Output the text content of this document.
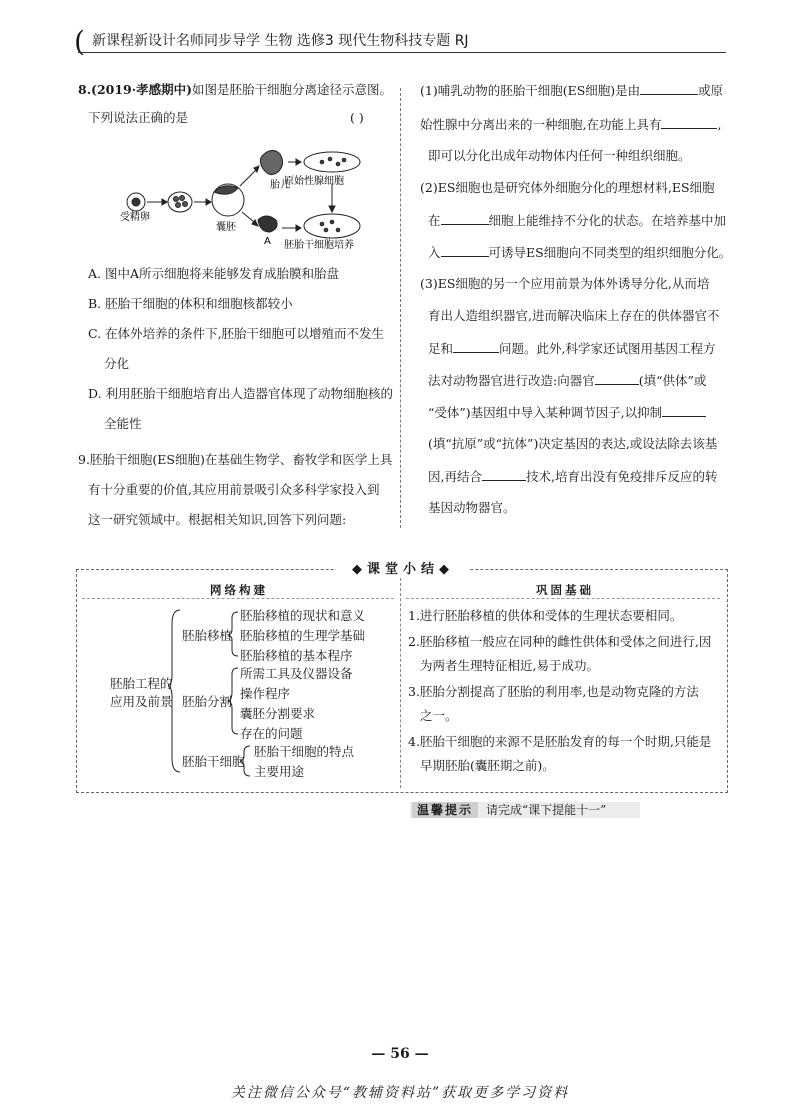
( 新课程新设计名师同步导学 生物 选修3 现代生物科技专题 RJ
8.(2019·孝感期中)如图是胚胎干细胞分离途径示意图。
下列说法正确的是	( )
受精卵
囊胚
胎儿
A
原始性腺细胞
胚胎干细胞培养
A. 图中A所示细胞将来能够发育成胎膜和胎盘
B. 胚胎干细胞的体积和细胞核都较小
C. 在体外培养的条件下,胚胎干细胞可以增殖而不发生
分化
D. 利用胚胎干细胞培育出人造器官体现了动物细胞核的
全能性
9.胚胎干细胞(ES细胞)在基础生物学、畜牧学和医学上具
有十分重要的价值,其应用前景吸引众多科学家投入到
这一研究领域中。根据相关知识,回答下列问题:
(1)哺乳动物的胚胎干细胞(ES细胞)是由	或原
始性腺中分离出来的一种细胞,在功能上具有	,
即可以分化出成年动物体内任何一种组织细胞。
(2)ES细胞也是研究体外细胞分化的理想材料,ES细胞
在	细胞上能维持不分化的状态。在培养基中加
入	可诱导ES细胞向不同类型的组织细胞分化。
(3)ES细胞的另一个应用前景为体外诱导分化,从而培
育出人造组织器官,进而解决临床上存在的供体器官不
足和	问题。此外,科学家还试图用基因工程方
法对动物器官进行改造:向器官	(填“供体”或
“受体”)基因组中导入某种调节因子,以抑制
(填“抗原”或“抗体”)决定基因的表达,或设法除去该基
因,再结合	技术,培育出没有免疫排斥反应的转
基因动物器官。
◆课堂小结◆
网络构建	巩固基础
胚胎工程的
应用及前景
胚胎移植
胚胎移植的现状和意义
胚胎移植的生理学基础
胚胎移植的基本程序
胚胎分割
所需工具及仪器设备
操作程序
囊胚分割要求
存在的问题
胚胎干细胞
胚胎干细胞的特点
主要用途
1.进行胚胎移植的供体和受体的生理状态要相同。
2.胚胎移植一般应在同种的雌性供体和受体之间进行,因
为两者生理特征相近,易于成功。
3.胚胎分割提高了胚胎的利用率,也是动物克隆的方法
之一。
4.胚胎干细胞的来源不是胚胎发育的每一个时期,只能是
早期胚胎(囊胚期之前)。
温馨提示	请完成“课下提能十一”
— 56 —
关注微信公众号“教辅资料站”获取更多学习资料
